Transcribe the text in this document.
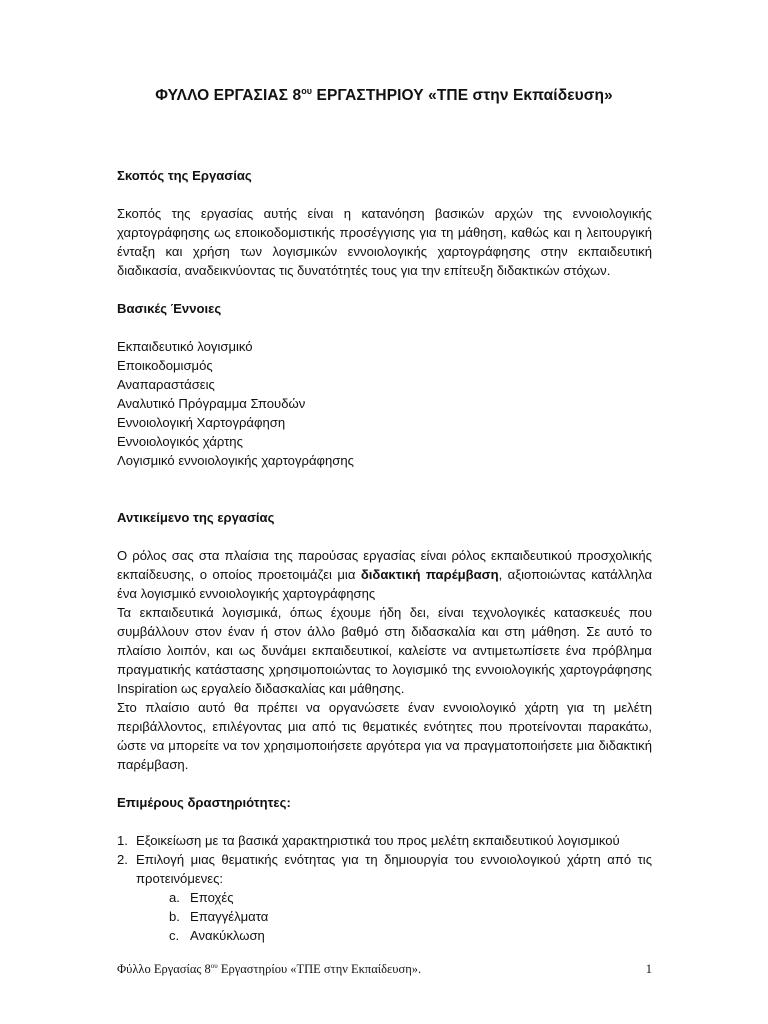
ΦΥΛΛΟ ΕΡΓΑΣΙΑΣ $8^{o\upsilon}$ ΕΡΓΑΣΤΗΡΙΟΥ «ΤΠΕ στην Εκπαίδευση»

Σκοπός της Εργασίας

Σκοπός της εργασίας αυτής είναι η κατανόηση βασικών αρχών της εννοιολογικής χαρτογράφησης ως εποικοδομιστικής προσέγγισης για τη μάθηση, καθώς και η λειτουργική ένταξη και χρήση των λογισμικών εννοιολογικής χαρτογράφησης στην εκπαιδευτική διαδικασία, αναδεικνύοντας τις δυνατότητές τους για την επίτευξη διδακτικών στόχων.

Βασικές Έννοιες

Εκπαιδευτικό λογισμικό
Εποικοδομισμός
Αναπαραστάσεις
Αναλυτικό Πρόγραμμα Σπουδών
Εννοιολογική Χαρτογράφηση
Εννοιολογικός χάρτης
Λογισμικό εννοιολογικής χαρτογράφησης

Αντικείμενο της εργασίας

Ο ρόλος σας στα πλαίσια της παρούσας εργασίας είναι ρόλος εκπαιδευτικού προσχολικής εκπαίδευσης, ο οποίος προετοιμάζει μια διδακτική παρέμβαση, αξιοποιώντας κατάλληλα ένα λογισμικό εννοιολογικής χαρτογράφησης

Τα εκπαιδευτικά λογισμικά, όπως έχουμε ήδη δει, είναι τεχνολογικές κατασκευές που συμβάλλουν στον έναν ή στον άλλο βαθμό στη διδασκαλία και στη μάθηση. Σε αυτό το πλαίσιο λοιπόν, και ως δυνάμει εκπαιδευτικοί, καλείστε να αντιμετωπίσετε ένα πρόβλημα πραγματικής κατάστασης χρησιμοποιώντας το λογισμικό της εννοιολογικής χαρτογράφησης Inspiration ως εργαλείο διδασκαλίας και μάθησης.

Στο πλαίσιο αυτό θα πρέπει να οργανώσετε έναν εννοιολογικό χάρτη για τη μελέτη περιβάλλοντος, επιλέγοντας μια από τις θεματικές ενότητες που προτείνονται παρακάτω, ώστε να μπορείτε να τον χρησιμοποιήσετε αργότερα για να πραγματοποιήσετε μια διδακτική παρέμβαση.

Επιμέρους δραστηριότητες:

1. Εξοικείωση με τα βασικά χαρακτηριστικά του προς μελέτη εκπαιδευτικού λογισμικού
2. Επιλογή μιας θεματικής ενότητας για τη δημιουργία του εννοιολογικού χάρτη από τις προτεινόμενες:
a. Εποχές
b. Επαγγέλματα
c. Ανακύκλωση
Φύλλο Εργασίας $8^{o\upsilon}$ Εργαστηρίου «ΤΠΕ στην Εκπαίδευση».	1
